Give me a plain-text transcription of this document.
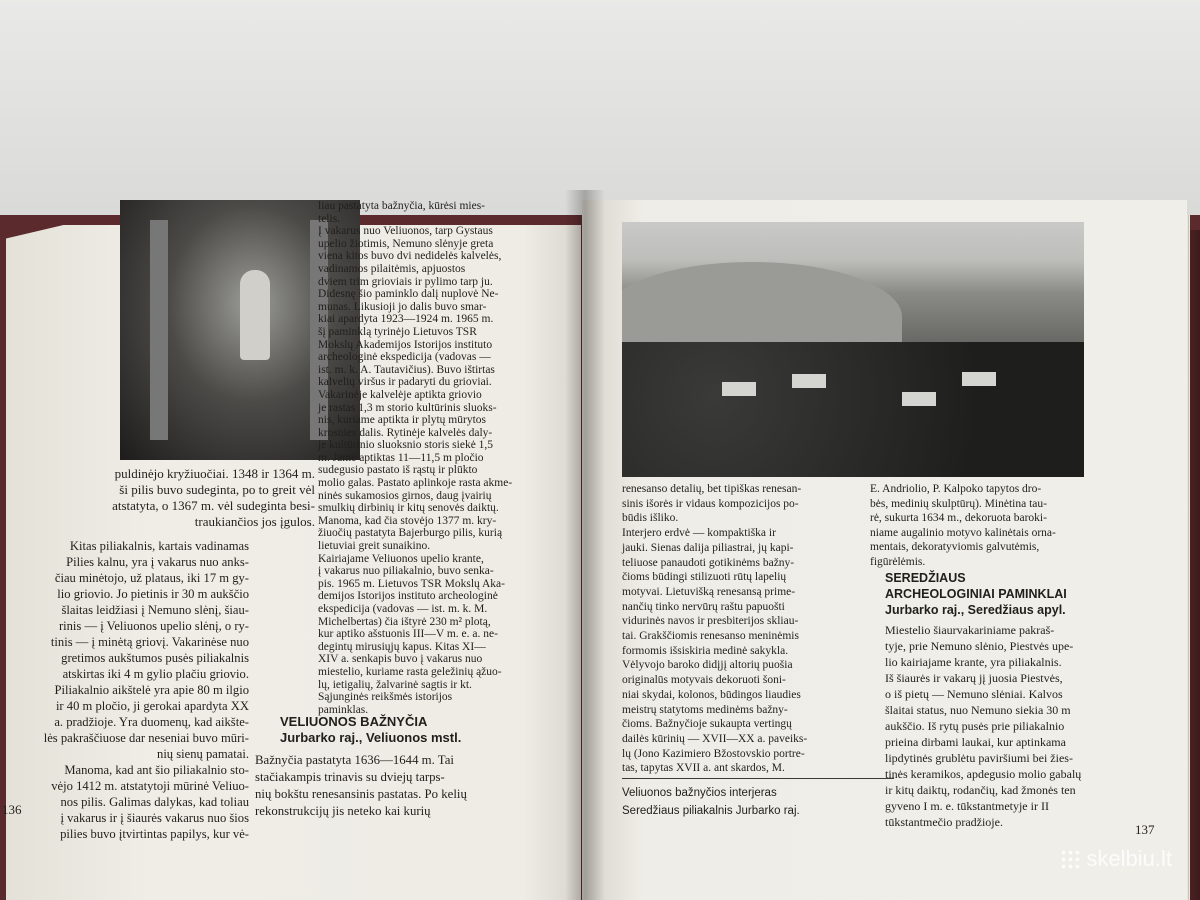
puldinėjo kryžiuočiai. 1348 ir 1364 m.
ši pilis buvo sudeginta, po to greit vėl
atstatyta, o 1367 m. vėl sudeginta besi-
traukiančios jos įgulos.
Kitas piliakalnis, kartais vadinamas
Pilies kalnu, yra į vakarus nuo anks-
čiau minėtojo, už plataus, iki 17 m gy-
lio griovio. Jo pietinis ir 30 m aukščio
šlaitas leidžiasi į Nemuno slėnį, šiau-
rinis — į Veliuonos upelio slėnį, o ry-
tinis — į minėtą griovį. Vakarinėse nuo
gretimos aukštumos pusės piliakalnis
atskirtas iki 4 m gylio plačiu griovio.
Piliakalnio aikštelė yra apie 80 m ilgio
ir 40 m pločio, ji gerokai apardyta XX
a. pradžioje. Yra duomenų, kad aikšte-
lės pakraščiuose dar neseniai buvo mūri-
nių sienų pamatai.
Manoma, kad ant šio piliakalnio sto-
vėjo 1412 m. atstatytoji mūrinė Veliuo-
nos pilis. Galimas dalykas, kad toliau
į vakarus ir į šiaurės vakarus nuo šios
pilies buvo įtvirtintas papilys, kur vė-
liau pastatyta bažnyčia, kūrėsi mies-
telis.
Į vakarus nuo Veliuonos, tarp Gystaus
upelio žiotimis, Nemuno slėnyje greta
viena kitos buvo dvi nedidelės kalvelės,
vadinamos pilaitėmis, apjuostos
dviem trim grioviais ir pylimo tarp ju.
Didesnę šio paminklo dalį nuplovė Ne-
munas. Likusioji jo dalis buvo smar-
kiai apardyta 1923—1924 m. 1965 m.
šį paminklą tyrinėjo Lietuvos TSR
Mokslų Akademijos Istorijos instituto
archeologinė ekspedicija (vadovas —
ist. m. k. A. Tautavičius). Buvo ištirtas
kalvelių viršus ir padaryti du grioviai.
Vakarinėje kalvelėje aptikta griovio
je rastas 1,3 m storio kultūrinis sluoks-
nis, kuriame aptikta ir plytų mūrytos
krosnies dalis. Rytinėje kalvelės daly-
je kultūrinio sluoksnio storis siekė 1,5
m. Jame aptiktas 11—11,5 m pločio
sudegusio pastato iš rąstų ir plūkto
molio galas. Pastato aplinkoje rasta akme-
ninės sukamosios girnos, daug įvairių
smulkių dirbinių ir kitų senovės daiktų.
Manoma, kad čia stovėjo 1377 m. kry-
žiuočių pastatyta Bajerburgo pilis, kurią
lietuviai greit sunaikino.
Kairiajame Veliuonos upelio krante,
į vakarus nuo piliakalnio, buvo senka-
pis. 1965 m. Lietuvos TSR Mokslų Aka-
demijos Istorijos instituto archeologinė
ekspedicija (vadovas — ist. m. k. M.
Michelbertas) čia ištyrė 230 m² plotą,
kur aptiko ašstuonis III—V m. e. a. ne-
degintų mirusiųjų kapus. Kitas XI—
XIV a. senkapis buvo į vakarus nuo
miestelio, kuriame rasta geležinių ąžuo-
lų, ietigalių, žalvarinė sagtis ir kt.
Sąjunginės reikšmės istorijos
paminklas.
VELIUONOS BAŽNYČIA
Jurbarko raj., Veliuonos mstl.
Bažnyčia pastatyta 1636—1644 m. Tai
stačiakampis trinavis su dviejų tarps-
nių bokštu renesansinis pastatas. Po kelių
rekonstrukcijų jis neteko kai kurių
136
renesanso detalių, bet tipiškas renesan-
sinis išorės ir vidaus kompozicijos po-
būdis išliko.
Interjero erdvė — kompaktiška ir
jauki. Sienas dalija piliastrai, jų kapi-
teliuose panaudoti gotikinėms bažny-
čioms būdingi stilizuoti rūtų lapelių
motyvai. Lietuvišką renesansą prime-
nančių tinko nervūrų raštu papuošti
vidurinės navos ir presbiterijos skliau-
tai. Grakščiomis renesanso meninėmis
formomis išsiskiria medinė sakykla.
Vėlyvojo baroko didįjį altorių puošia
originalūs motyvais dekoruoti šoni-
niai skydai, kolonos, būdingos liaudies
meistrų statytoms medinėms bažny-
čioms. Bažnyčioje sukaupta vertingų
dailės kūrinių — XVII—XX a. paveiks-
lų (Jono Kazimiero Bžostovskio portre-
tas, tapytas XVII a. ant skardos, M.
Veliuonos bažnyčios interjeras
Seredžiaus piliakalnis Jurbarko raj.
E. Andriolio, P. Kalpoko tapytos dro-
bės, medinių skulptūrų). Minėtina tau-
rė, sukurta 1634 m., dekoruota baroki-
niame augalinio motyvo kalinėtais orna-
mentais, dekoratyviomis galvutėmis,
figūrėlėmis.
SEREDŽIAUS
ARCHEOLOGINIAI PAMINKLAI
Jurbarko raj., Seredžiaus apyl.
Miestelio šiaurvakariniame pakraš-
tyje, prie Nemuno slėnio, Piestvės upe-
lio kairiajame krante, yra piliakalnis.
Iš šiaurės ir vakarų jį juosia Piestvės,
o iš pietų — Nemuno slėniai. Kalvos
šlaitai status, nuo Nemuno siekia 30 m
aukščio. Iš rytų pusės prie piliakalnio
prieina dirbami laukai, kur aptinkama
lipdytinės grublėtu paviršiumi bei žies-
tinės keramikos, apdegusio molio gabalų
ir kitų daiktų, rodančių, kad žmonės ten
gyveno I m. e. tūkstantmetyje ir II
tūkstantmečio pradžioje.	137
skelbiu.lt
